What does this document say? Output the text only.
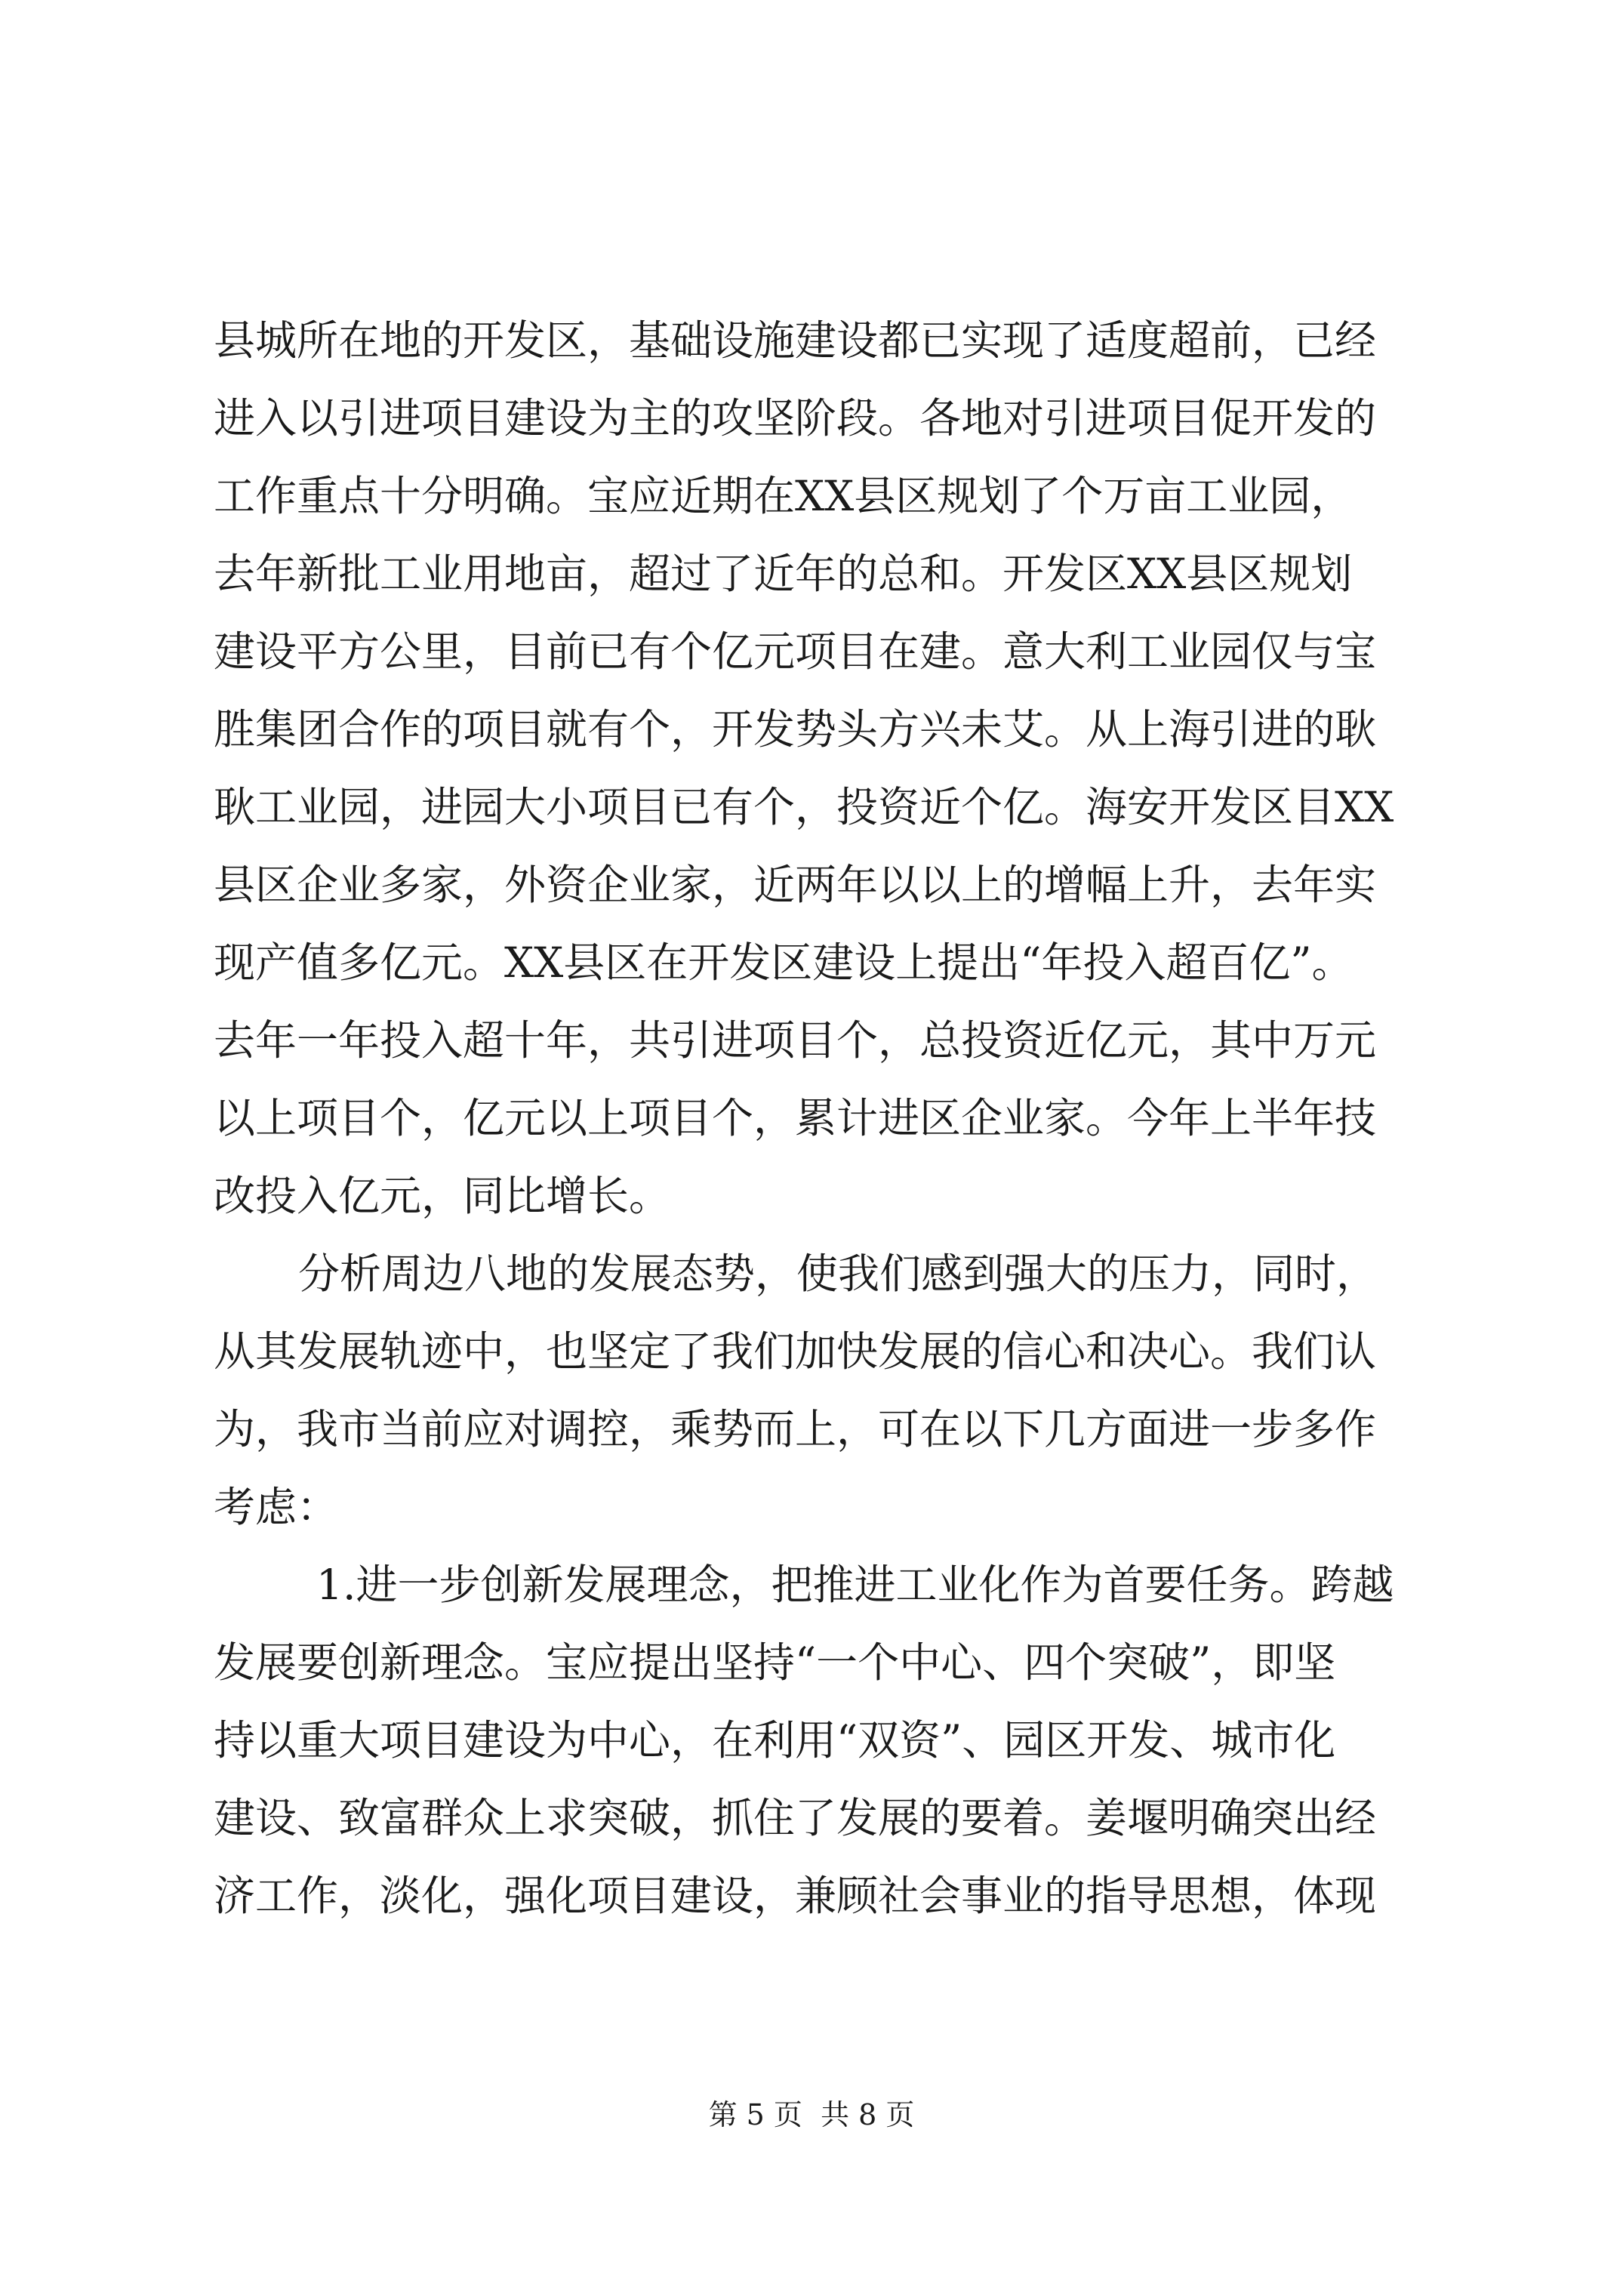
县城所在地的开发区，基础设施建设都已实现了适度超前，已经
进入以引进项目建设为主的攻坚阶段。各地对引进项目促开发的
工作重点十分明确。宝应近期在XX县区规划了个万亩工业园，
去年新批工业用地亩，超过了近年的总和。开发区XX县区规划
建设平方公里，目前已有个亿元项目在建。意大利工业园仅与宝
胜集团合作的项目就有个，开发势头方兴未艾。从上海引进的耿
耿工业园，进园大小项目已有个，投资近个亿。海安开发区目XX
县区企业多家，外资企业家，近两年以以上的增幅上升，去年实
现产值多亿元。XX县区在开发区建设上提出“年投入超百亿”。
去年一年投入超十年，共引进项目个，总投资近亿元，其中万元
以上项目个，亿元以上项目个，累计进区企业家。今年上半年技
改投入亿元，同比增长。
分析周边八地的发展态势，使我们感到强大的压力，同时，
从其发展轨迹中，也坚定了我们加快发展的信心和决心。我们认
为，我市当前应对调控，乘势而上，可在以下几方面进一步多作
考虑：
1.进一步创新发展理念，把推进工业化作为首要任务。跨越
发展要创新理念。宝应提出坚持“一个中心、四个突破”，即坚
持以重大项目建设为中心，在利用“双资”、园区开发、城市化
建设、致富群众上求突破，抓住了发展的要着。姜堰明确突出经
济工作，淡化，强化项目建设，兼顾社会事业的指导思想，体现
第 5 页  共 8 页
